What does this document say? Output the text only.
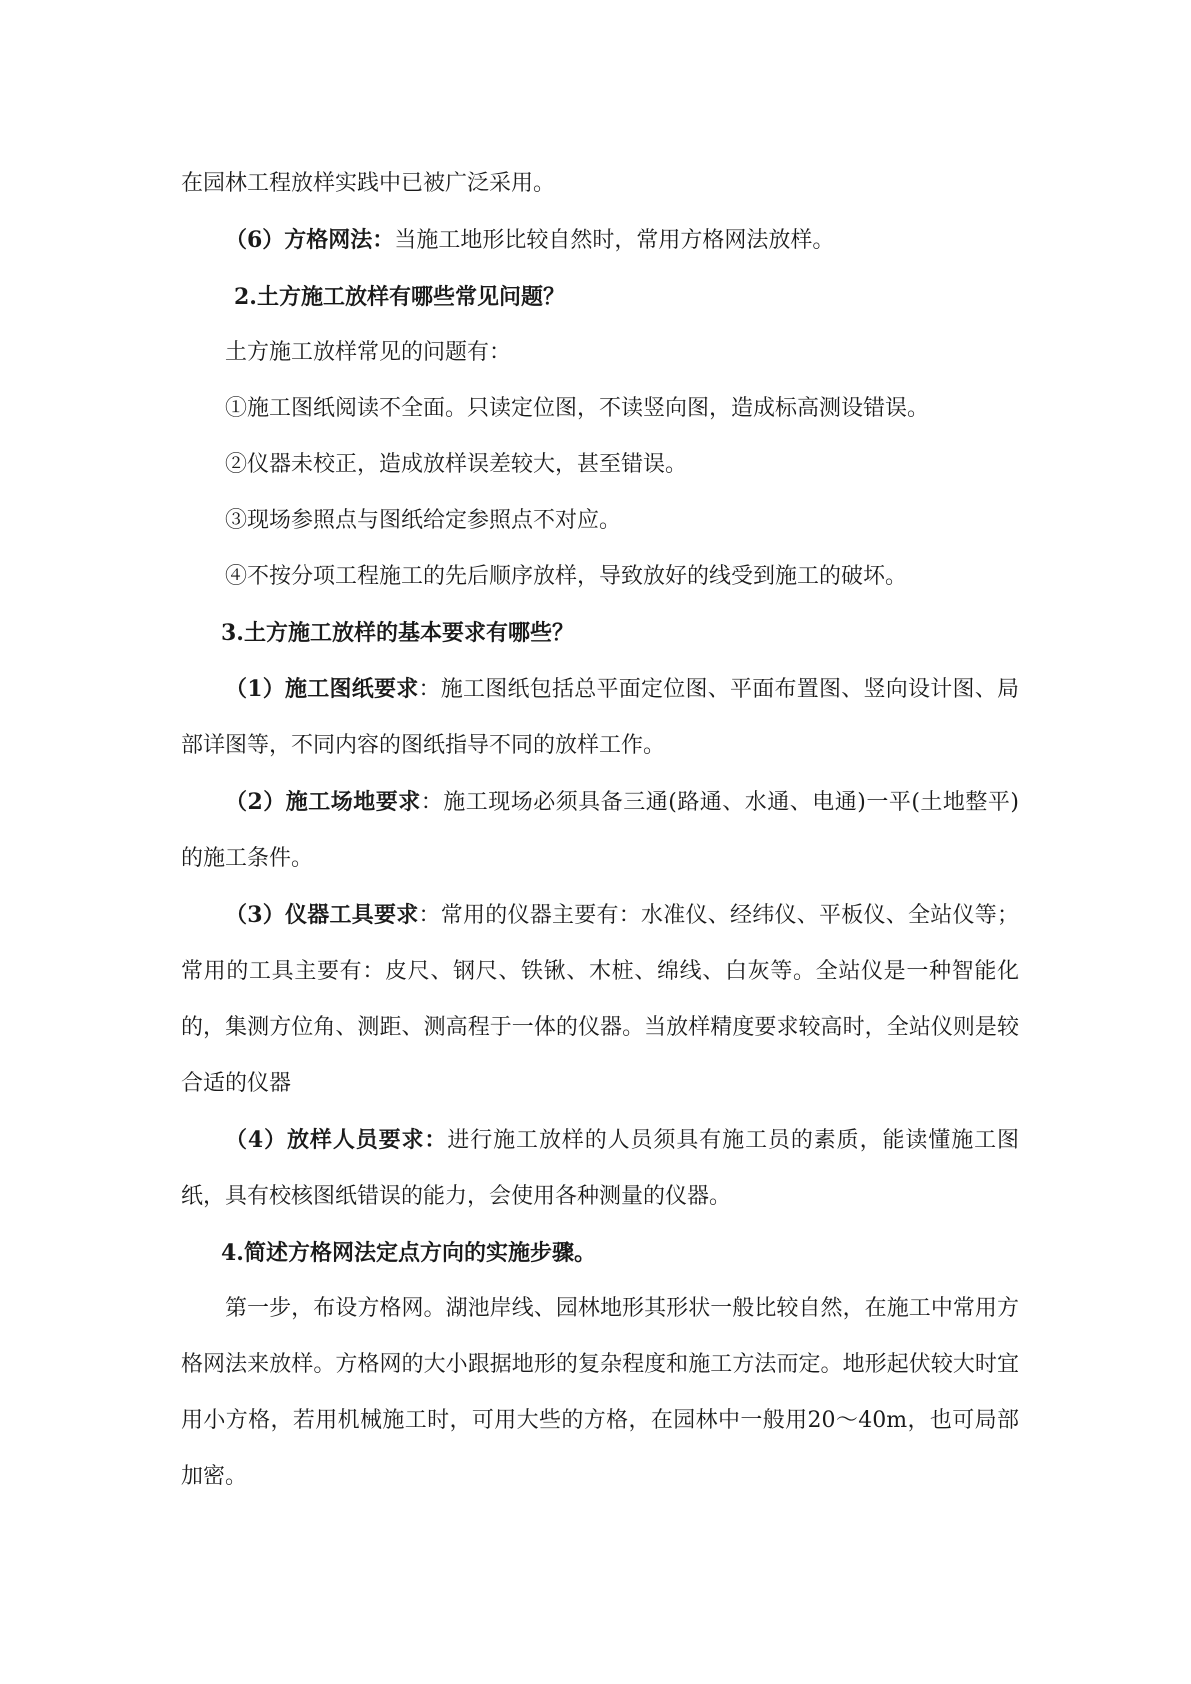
在园林工程放样实践中已被广泛采用。

（6）方格网法：当施工地形比较自然时，常用方格网法放样。

2.土方施工放样有哪些常见问题？

土方施工放样常见的问题有：

①施工图纸阅读不全面。只读定位图，不读竖向图，造成标高测设错误。

②仪器未校正，造成放样误差较大，甚至错误。

③现场参照点与图纸给定参照点不对应。

④不按分项工程施工的先后顺序放样，导致放好的线受到施工的破坏。

3.土方施工放样的基本要求有哪些？

（1）施工图纸要求：施工图纸包括总平面定位图、平面布置图、竖向设计图、局部详图等，不同内容的图纸指导不同的放样工作。

（2）施工场地要求：施工现场必须具备三通(路通、水通、电通)一平(土地整平)的施工条件。

（3）仪器工具要求：常用的仪器主要有：水准仪、经纬仪、平板仪、全站仪等；常用的工具主要有：皮尺、钢尺、铁锹、木桩、绵线、白灰等。全站仪是一种智能化的，集测方位角、测距、测高程于一体的仪器。当放样精度要求较高时，全站仪则是较合适的仪器

（4）放样人员要求：进行施工放样的人员须具有施工员的素质，能读懂施工图纸，具有校核图纸错误的能力，会使用各种测量的仪器。

4.简述方格网法定点方向的实施步骤。

第一步，布设方格网。湖池岸线、园林地形其形状一般比较自然，在施工中常用方格网法来放样。方格网的大小跟据地形的复杂程度和施工方法而定。地形起伏较大时宜用小方格，若用机械施工时，可用大些的方格，在园林中一般用20～40m，也可局部加密。
